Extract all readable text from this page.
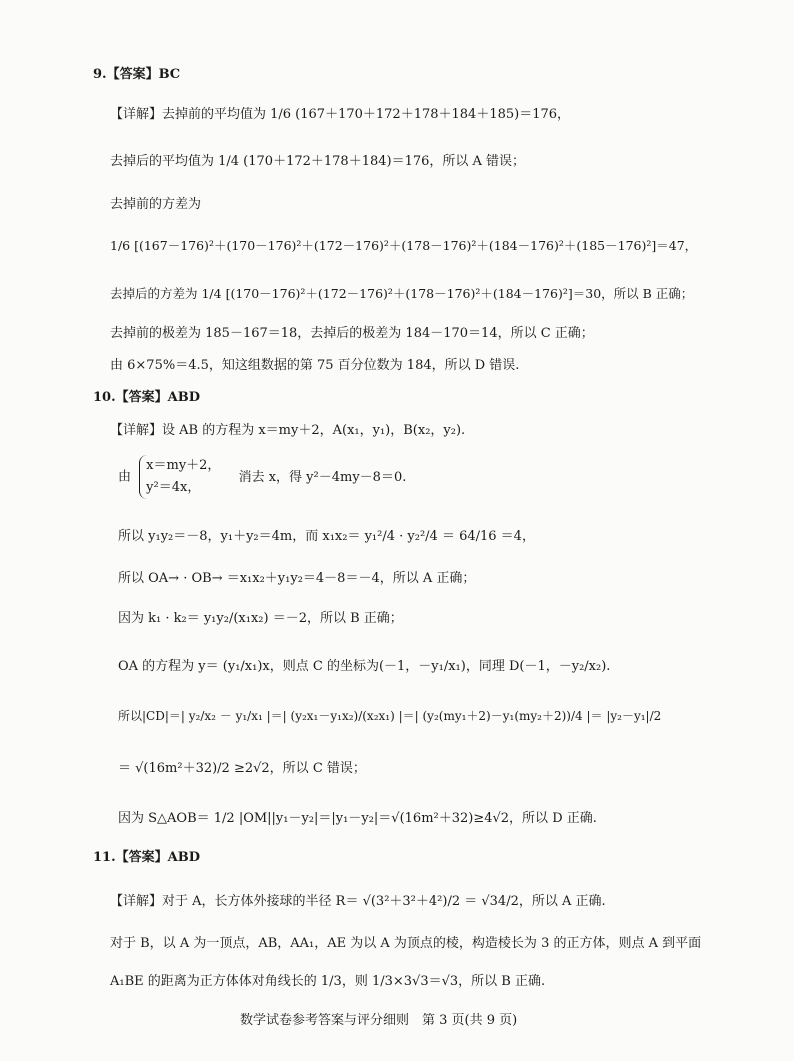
9.【答案】BC
【详解】去掉前的平均值为 1/6 (167＋170＋172＋178＋184＋185)＝176，
去掉后的平均值为 1/4 (170＋172＋178＋184)＝176，所以 A 错误；
去掉前的方差为
1/6 [(167－176)²＋(170－176)²＋(172－176)²＋(178－176)²＋(184－176)²＋(185－176)²]＝47，
去掉后的方差为 1/4 [(170－176)²＋(172－176)²＋(178－176)²＋(184－176)²]＝30，所以 B 正确；
去掉前的极差为 185－167＝18，去掉后的极差为 184－170＝14，所以 C 正确；
由 6×75%＝4.5，知这组数据的第 75 百分位数为 184，所以 D 错误.
10.【答案】ABD
【详解】设 AB 的方程为 x＝my＋2，A(x₁，y₁)，B(x₂，y₂).
由
x＝my＋2，
y²＝4x，
消去 x，得 y²－4my－8＝0.
所以 y₁y₂＝－8，y₁＋y₂＝4m，而 x₁x₂＝ y₁²/4 · y₂²/4 ＝ 64/16 ＝4，
所以 OA→ · OB→ ＝x₁x₂＋y₁y₂＝4－8＝－4，所以 A 正确；
因为 k₁ · k₂＝ y₁y₂/(x₁x₂) ＝－2，所以 B 正确；
OA 的方程为 y＝ (y₁/x₁)x，则点 C 的坐标为(－1，－y₁/x₁)，同理 D(－1，－y₂/x₂).
所以|CD|＝| y₂/x₂ － y₁/x₁ |＝| (y₂x₁－y₁x₂)/(x₂x₁) |＝| (y₂(my₁＋2)－y₁(my₂＋2))/4 |＝ |y₂－y₁|/2
＝ √(16m²＋32)/2 ≥2√2，所以 C 错误；
因为 S△AOB＝ 1/2 |OM||y₁－y₂|＝|y₁－y₂|＝√(16m²＋32)≥4√2，所以 D 正确.
11.【答案】ABD
【详解】对于 A，长方体外接球的半径 R＝ √(3²＋3²＋4²)/2 ＝ √34/2，所以 A 正确.
对于 B，以 A 为一顶点，AB，AA₁，AE 为以 A 为顶点的棱，构造棱长为 3 的正方体，则点 A 到平面
A₁BE 的距离为正方体体对角线长的 1/3，则 1/3×3√3＝√3，所以 B 正确.
数学试卷参考答案与评分细则　第 3 页(共 9 页)
